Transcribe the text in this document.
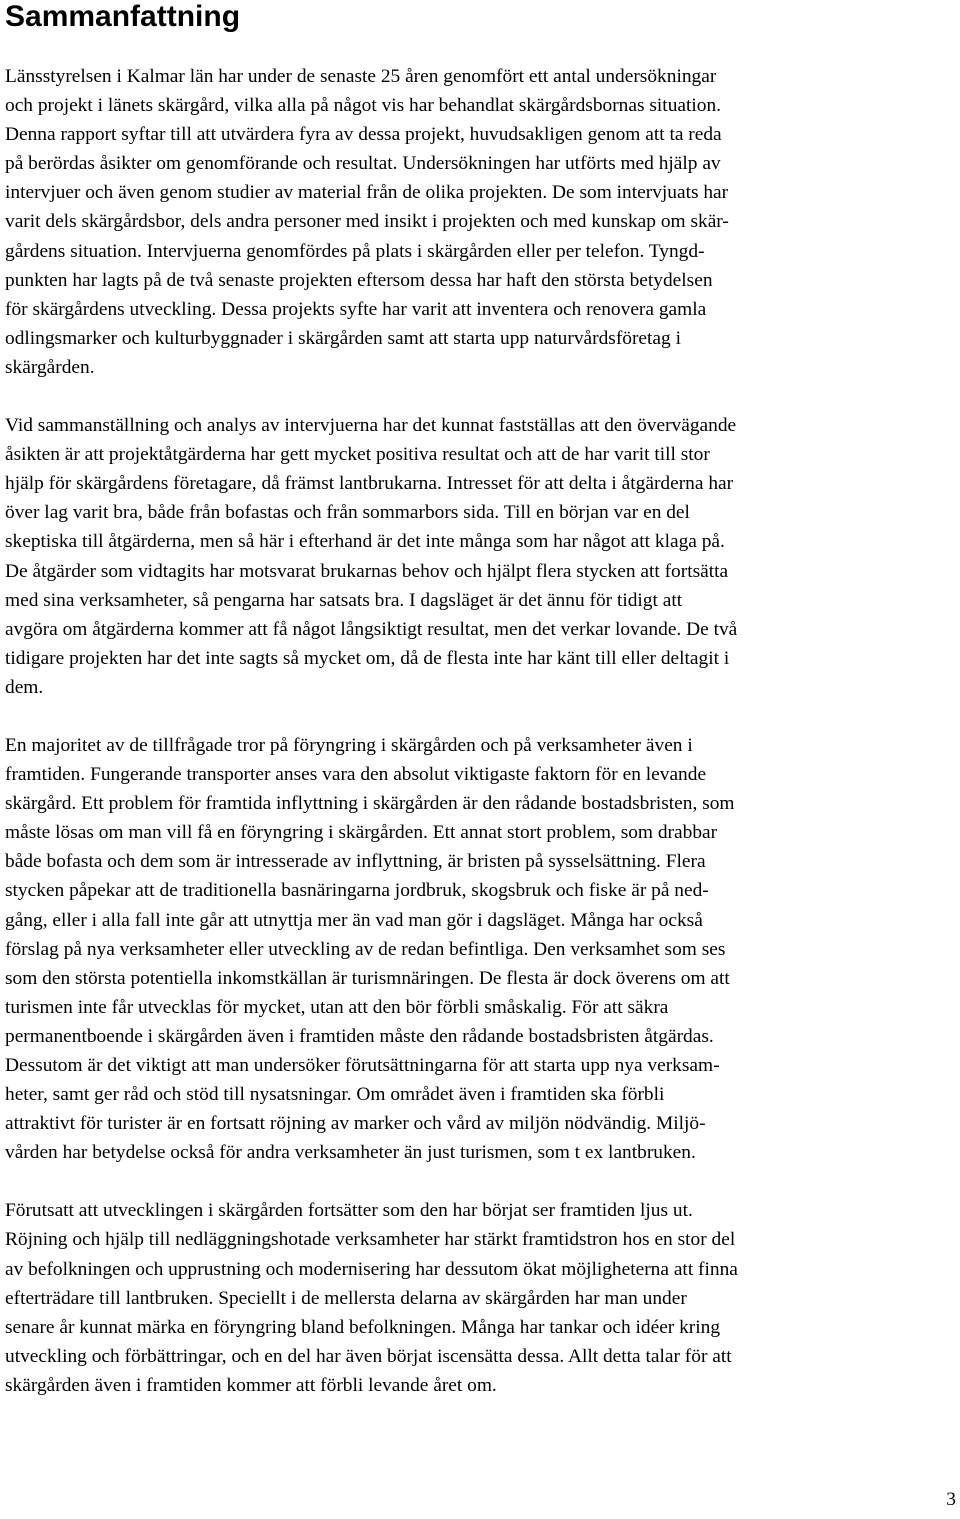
Sammanfattning

Länsstyrelsen i Kalmar län har under de senaste 25 åren genomfört ett antal undersökningar
och projekt i länets skärgård, vilka alla på något vis har behandlat skärgårdsbornas situation.
Denna rapport syftar till att utvärdera fyra av dessa projekt, huvudsakligen genom att ta reda
på berördas åsikter om genomförande och resultat. Undersökningen har utförts med hjälp av
intervjuer och även genom studier av material från de olika projekten. De som intervjuats har
varit dels skärgårdsbor, dels andra personer med insikt i projekten och med kunskap om skär-
gårdens situation. Intervjuerna genomfördes på plats i skärgården eller per telefon. Tyngd-
punkten har lagts på de två senaste projekten eftersom dessa har haft den största betydelsen
för skärgårdens utveckling. Dessa projekts syfte har varit att inventera och renovera gamla
odlingsmarker och kulturbyggnader i skärgården samt att starta upp naturvårdsföretag i
skärgården.

Vid sammanställning och analys av intervjuerna har det kunnat fastställas att den övervägande
åsikten är att projektåtgärderna har gett mycket positiva resultat och att de har varit till stor
hjälp för skärgårdens företagare, då främst lantbrukarna. Intresset för att delta i åtgärderna har
över lag varit bra, både från bofastas och från sommarbors sida. Till en början var en del
skeptiska till åtgärderna, men så här i efterhand är det inte många som har något att klaga på.
De åtgärder som vidtagits har motsvarat brukarnas behov och hjälpt flera stycken att fortsätta
med sina verksamheter, så pengarna har satsats bra. I dagsläget är det ännu för tidigt att
avgöra om åtgärderna kommer att få något långsiktigt resultat, men det verkar lovande. De två
tidigare projekten har det inte sagts så mycket om, då de flesta inte har känt till eller deltagit i
dem.

En majoritet av de tillfrågade tror på föryngring i skärgården och på verksamheter även i
framtiden. Fungerande transporter anses vara den absolut viktigaste faktorn för en levande
skärgård. Ett problem för framtida inflyttning i skärgården är den rådande bostadsbristen, som
måste lösas om man vill få en föryngring i skärgården. Ett annat stort problem, som drabbar
både bofasta och dem som är intresserade av inflyttning, är bristen på sysselsättning. Flera
stycken påpekar att de traditionella basnäringarna jordbruk, skogsbruk och fiske är på ned-
gång, eller i alla fall inte går att utnyttja mer än vad man gör i dagsläget. Många har också
förslag på nya verksamheter eller utveckling av de redan befintliga. Den verksamhet som ses
som den största potentiella inkomstkällan är turismnäringen. De flesta är dock överens om att
turismen inte får utvecklas för mycket, utan att den bör förbli småskalig. För att säkra
permanentboende i skärgården även i framtiden måste den rådande bostadsbristen åtgärdas.
Dessutom är det viktigt att man undersöker förutsättningarna för att starta upp nya verksam-
heter, samt ger råd och stöd till nysatsningar. Om området även i framtiden ska förbli
attraktivt för turister är en fortsatt röjning av marker och vård av miljön nödvändig. Miljö-
vården har betydelse också för andra verksamheter än just turismen, som t ex lantbruken.

Förutsatt att utvecklingen i skärgården fortsätter som den har börjat ser framtiden ljus ut.
Röjning och hjälp till nedläggningshotade verksamheter har stärkt framtidstron hos en stor del
av befolkningen och upprustning och modernisering har dessutom ökat möjligheterna att finna
efterträdare till lantbruken. Speciellt i de mellersta delarna av skärgården har man under
senare år kunnat märka en föryngring bland befolkningen. Många har tankar och idéer kring
utveckling och förbättringar, och en del har även börjat iscensätta dessa. Allt detta talar för att
skärgården även i framtiden kommer att förbli levande året om.

3
